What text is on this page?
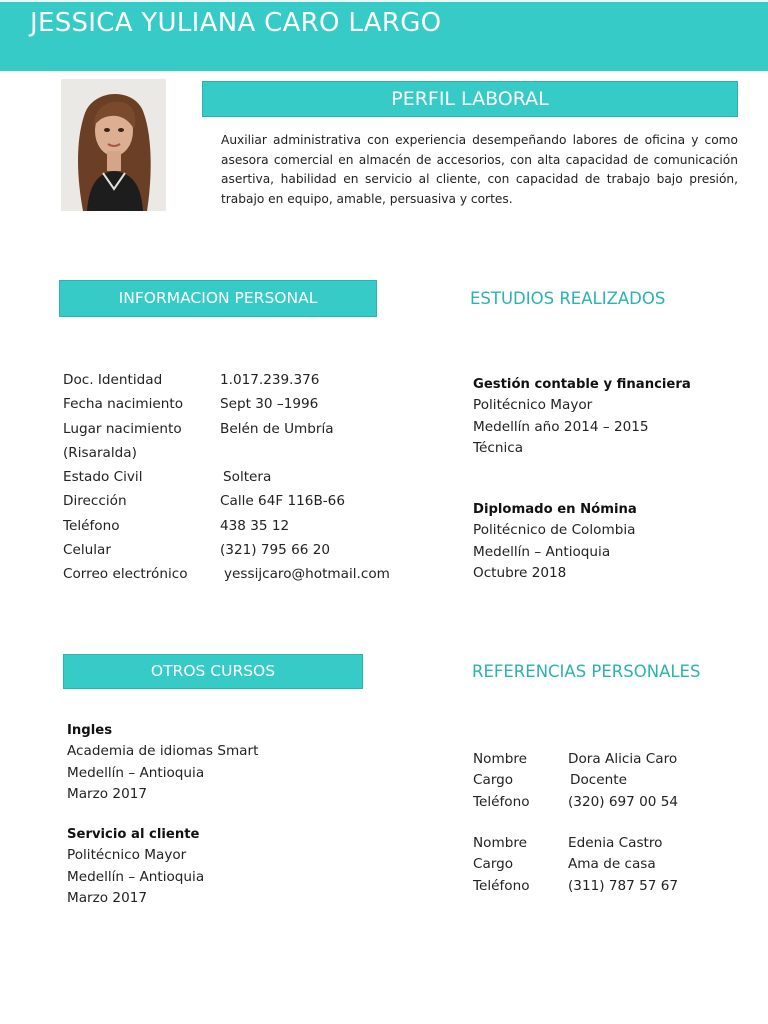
JESSICA YULIANA CARO LARGO
PERFIL LABORAL
Auxiliar administrativa con experiencia desempeñando labores de oficina y como asesora comercial en almacén de accesorios, con alta capacidad de comunicación asertiva, habilidad en servicio al cliente, con capacidad de trabajo bajo presión, trabajo en equipo, amable, persuasiva y cortes.
INFORMACION PERSONAL	ESTUDIOS REALIZADOS
Doc. Identidad	1.017.239.376
Fecha nacimiento	Sept 30 –1996
Lugar nacimiento	Belén de Umbría
(Risaralda)
Estado Civil	Soltera
Dirección	Calle 64F 116B-66
Teléfono	438 35 12
Celular	(321) 795 66 20
Correo electrónico	yessijcaro@hotmail.com
Gestión contable y financiera
Politécnico Mayor
Medellín año 2014 – 2015
Técnica
Diplomado en Nómina
Politécnico de Colombia
Medellín – Antioquia
Octubre 2018
OTROS CURSOS	REFERENCIAS PERSONALES
Ingles
Academia de idiomas Smart
Medellín – Antioquia
Marzo 2017
Servicio al cliente
Politécnico Mayor
Medellín – Antioquia
Marzo 2017
Nombre	Dora Alicia Caro
Cargo	Docente
Teléfono	(320) 697 00 54
Nombre	Edenia Castro
Cargo	Ama de casa
Teléfono	(311) 787 57 67
